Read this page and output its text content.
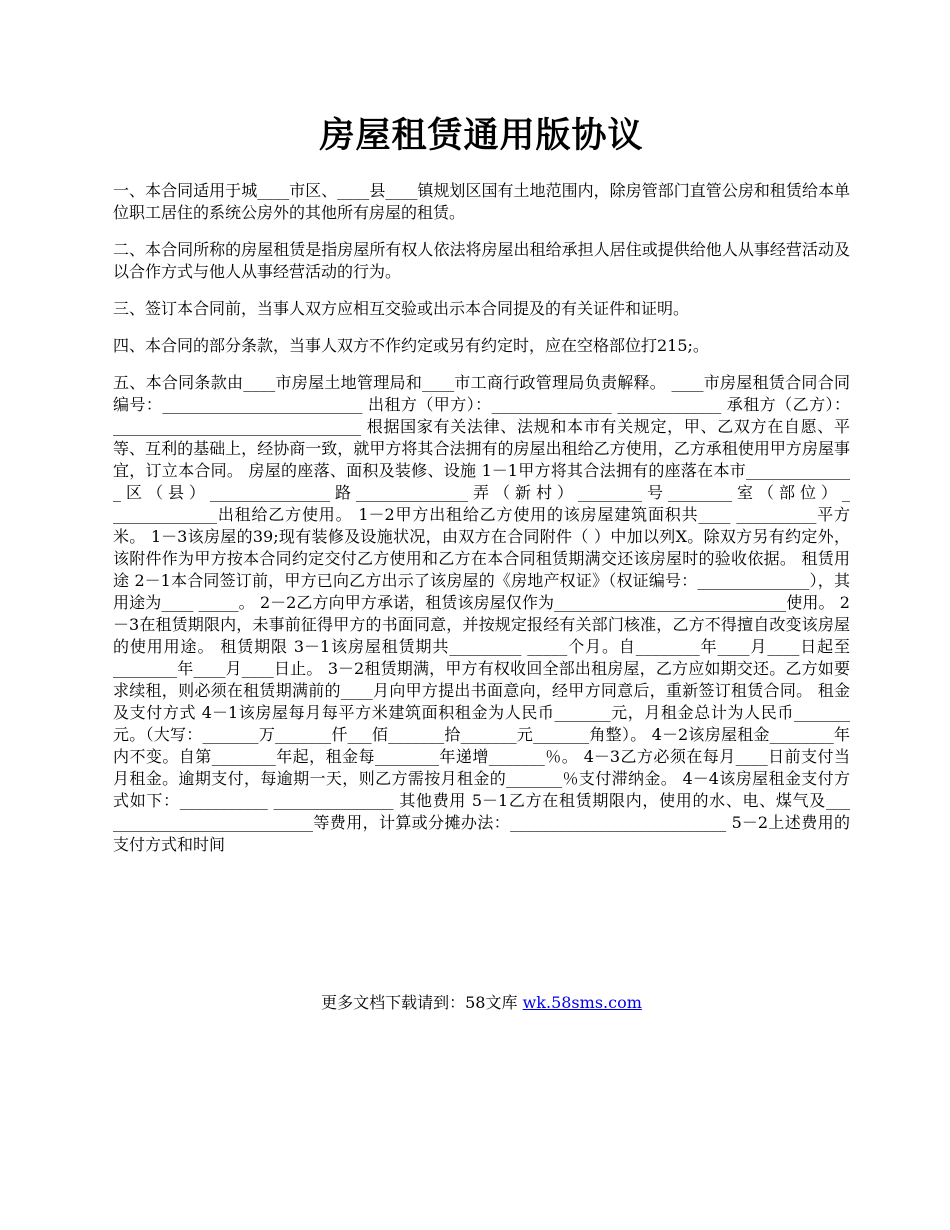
房屋租赁通用版协议

一、本合同适用于城____市区、____县____镇规划区国有土地范围内，除房管部门直管公房和租赁给本单位职工居住的系统公房外的其他所有房屋的租赁。

二、本合同所称的房屋租赁是指房屋所有权人依法将房屋出租给承担人居住或提供给他人从事经营活动及以合作方式与他人从事经营活动的行为。

三、签订本合同前，当事人双方应相互交验或出示本合同提及的有关证件和证明。

四、本合同的部分条款，当事人双方不作约定或另有约定时，应在空格部位打215;。

五、本合同条款由____市房屋土地管理局和____市工商行政管理局负责解释。 ____市房屋租赁合同合同编号：_________________________ 出租方（甲方）：_______________ _____________ 承租方（乙方）：_______________________________ 根据国家有关法律、法规和本市有关规定，甲、乙双方在自愿、平等、互利的基础上，经协商一致，就甲方将其合法拥有的房屋出租给乙方使用，乙方承租使用甲方房屋事宜，订立本合同。 房屋的座落、面积及装修、设施 1－1甲方将其合法拥有的座落在本市_____________ _区（县）_______________路______________弄（新村）________号________室（部位）_ _____________出租给乙方使用。 1－2甲方出租给乙方使用的该房屋建筑面积共____ __________平方米。 1－3该房屋的39;现有装修及设施状况，由双方在合同附件（ ）中加以列X。除双方另有约定外，该附件作为甲方按本合同约定交付乙方使用和乙方在本合同租赁期满交还该房屋时的验收依据。 租赁用途 2－1本合同签订前，甲方已向乙方出示了该房屋的《房地产权证》（权证编号：______________），其用途为____ _____。 2－2乙方向甲方承诺，租赁该房屋仅作为_____________________________使用。 2－3在租赁期限内，未事前征得甲方的书面同意，并按规定报经有关部门核准，乙方不得擅自改变该房屋的使用用途。 租赁期限 3－1该房屋租赁期共_________ _____个月。自________年____月____日起至________年____月____日止。 3－2租赁期满，甲方有权收回全部出租房屋，乙方应如期交还。乙方如要求续租，则必须在租赁期满前的____月向甲方提出书面意向，经甲方同意后，重新签订租赁合同。 租金及支付方式 4－1该房屋每月每平方米建筑面积租金为人民币_______元，月租金总计为人民币_______元。（大写：_______万_______仟___佰_______拾_______元_______角整）。 4－2该房屋租金________年内不变。自第________年起，租金每________年递增_______％。 4－3乙方必须在每月____日前支付当月租金。逾期支付，每逾期一天，则乙方需按月租金的_______％支付滞纳金。 4－4该房屋租金支付方式如下：___________ _______________ 其他费用 5－1乙方在租赁期限内，使用的水、电、煤气及___ _________________________等费用，计算或分摊办法：___________________________ 5－2上述费用的支付方式和时间

更多文档下载请到：58文库 wk.58sms.com
